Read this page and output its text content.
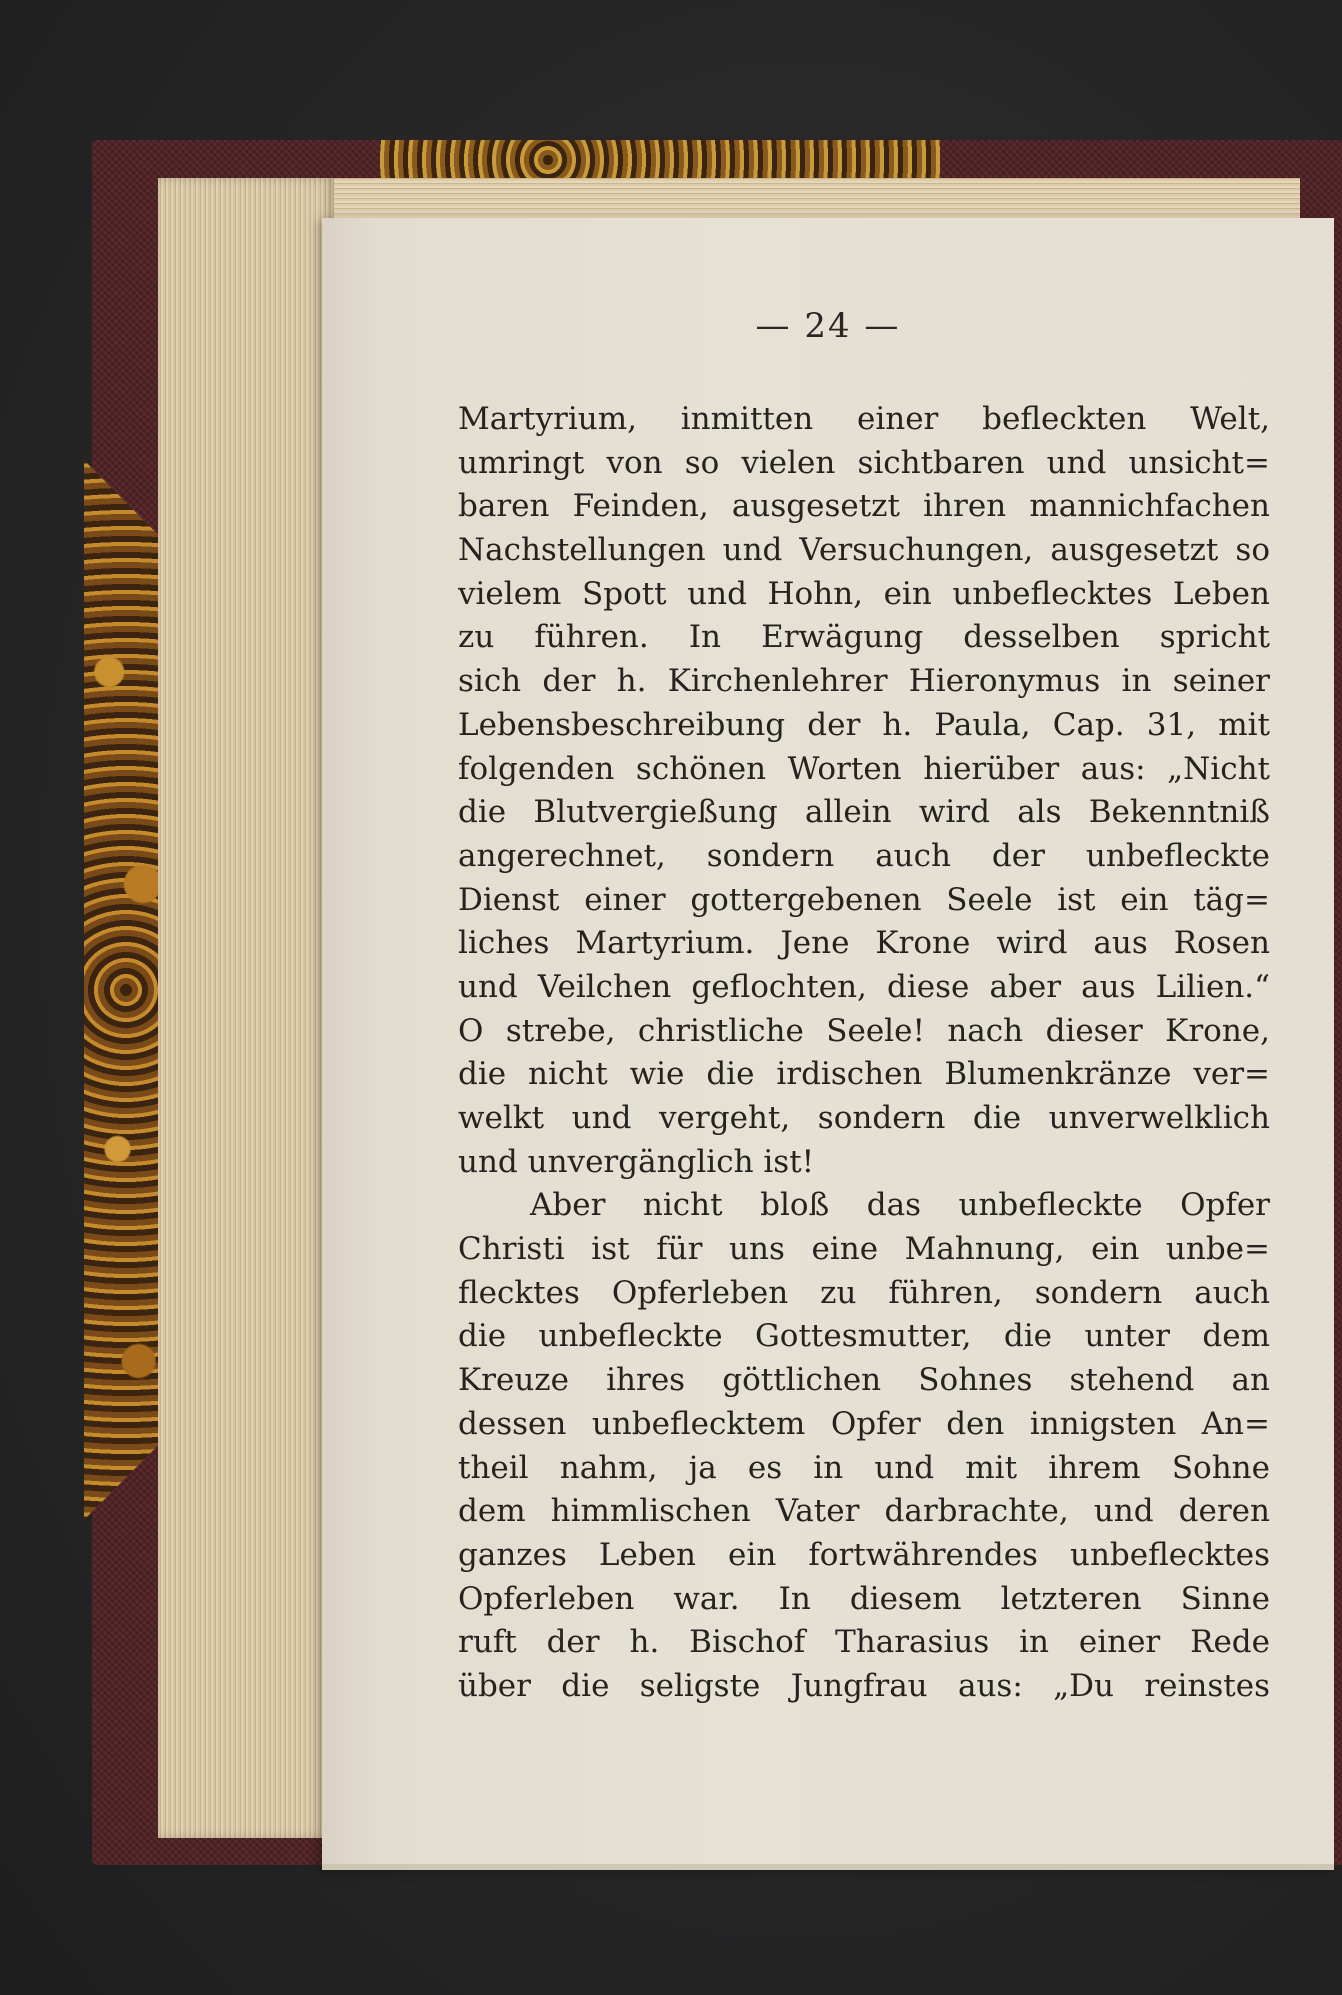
— 24 —
Martyrium, inmitten einer befleckten Welt,
umringt von so vielen sichtbaren und unsicht=
baren Feinden, ausgesetzt ihren mannichfachen
Nachstellungen und Versuchungen, ausgesetzt so
vielem Spott und Hohn, ein unbeflecktes Leben
zu führen. In Erwägung desselben spricht
sich der h. Kirchenlehrer Hieronymus in seiner
Lebensbeschreibung der h. Paula, Cap. 31, mit
folgenden schönen Worten hierüber aus: „Nicht
die Blutvergießung allein wird als Bekenntniß
angerechnet, sondern auch der unbefleckte
Dienst einer gottergebenen Seele ist ein täg=
liches Martyrium. Jene Krone wird aus Rosen
und Veilchen geflochten, diese aber aus Lilien.“
O strebe, christliche Seele! nach dieser Krone,
die nicht wie die irdischen Blumenkränze ver=
welkt und vergeht, sondern die unverwelklich
und unvergänglich ist!
Aber nicht bloß das unbefleckte Opfer
Christi ist für uns eine Mahnung, ein unbe=
flecktes Opferleben zu führen, sondern auch
die unbefleckte Gottesmutter, die unter dem
Kreuze ihres göttlichen Sohnes stehend an
dessen unbeflecktem Opfer den innigsten An=
theil nahm, ja es in und mit ihrem Sohne
dem himmlischen Vater darbrachte, und deren
ganzes Leben ein fortwährendes unbeflecktes
Opferleben war. In diesem letzteren Sinne
ruft der h. Bischof Tharasius in einer Rede
über die seligste Jungfrau aus: „Du reinstes
